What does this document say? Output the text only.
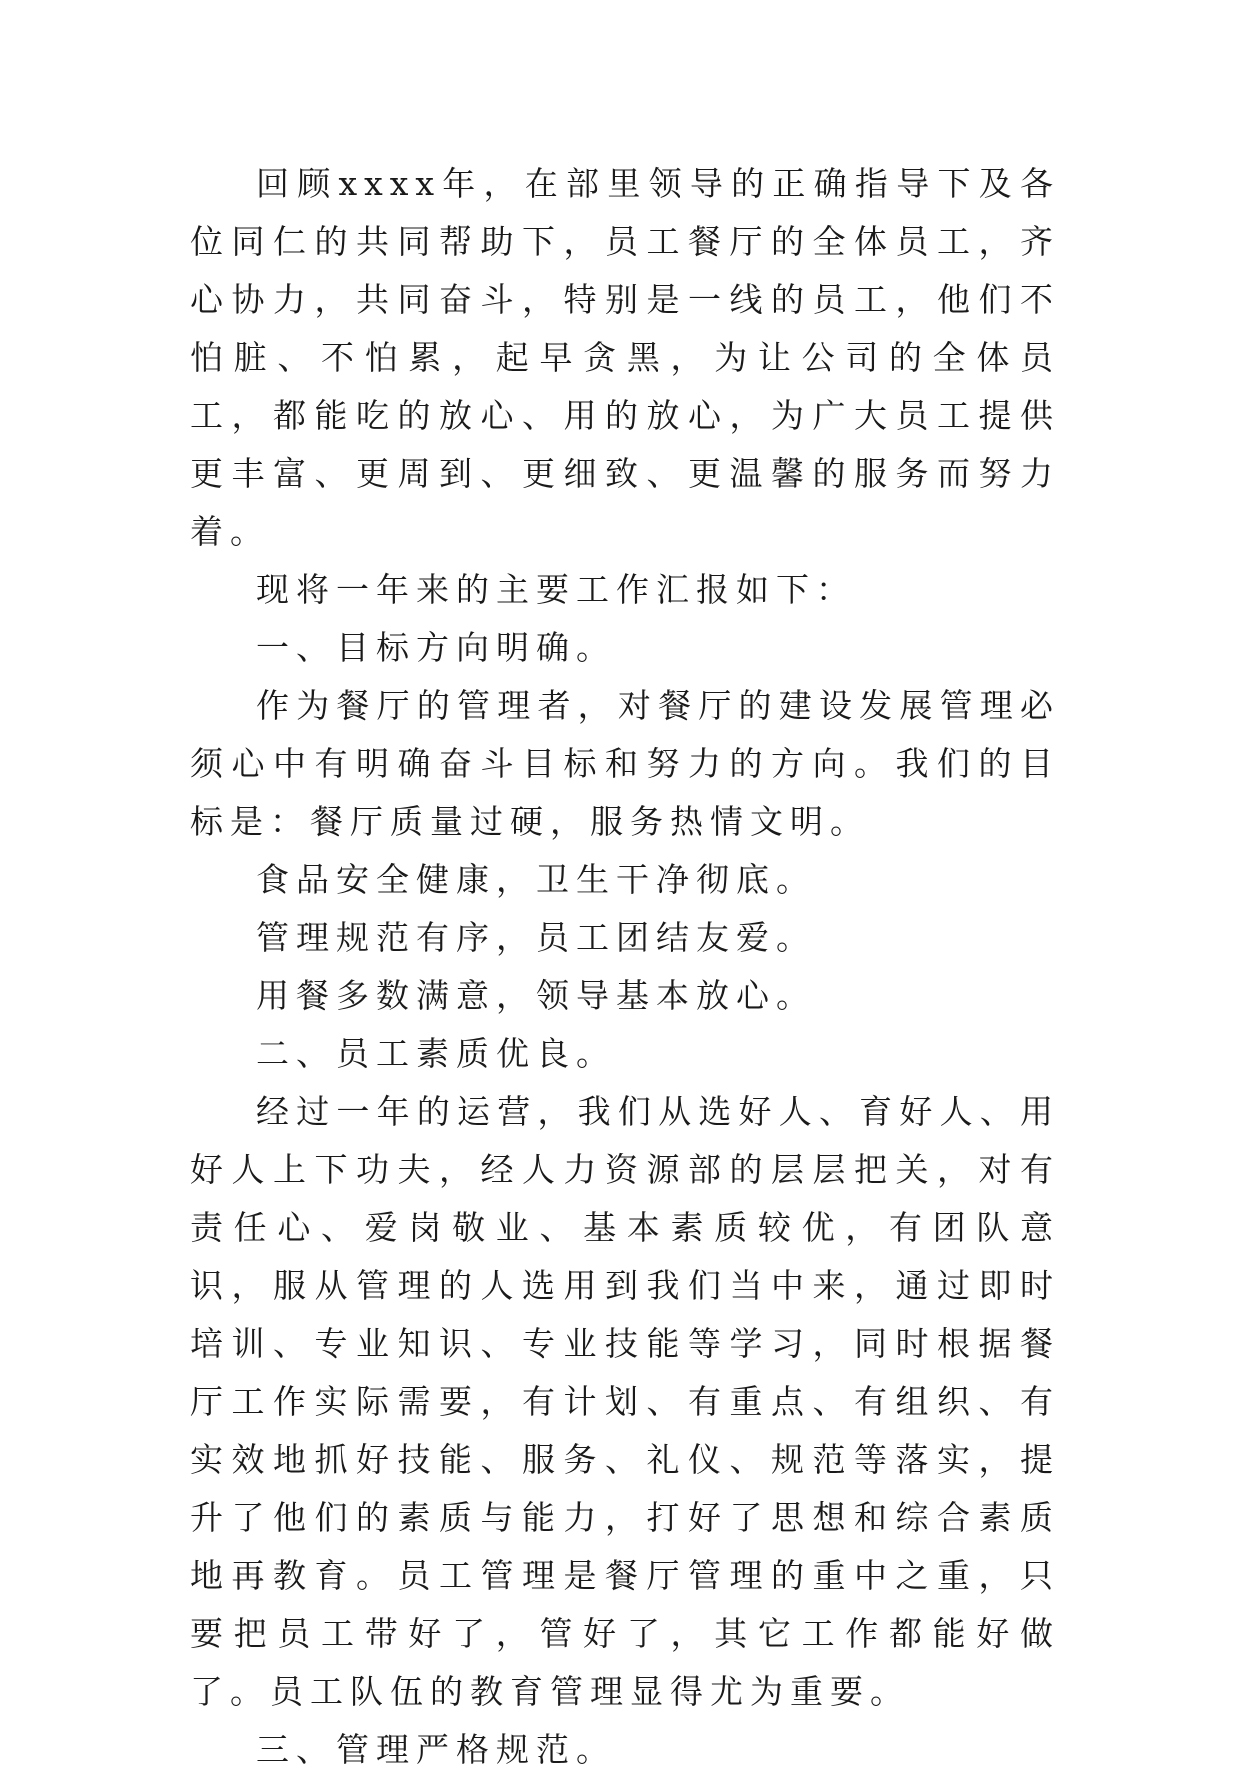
回顾xxxx年，在部里领导的正确指导下及各位同仁的共同帮助下，员工餐厅的全体员工，齐心协力，共同奋斗，特别是一线的员工，他们不怕脏、不怕累，起早贪黑，为让公司的全体员工，都能吃的放心、用的放心，为广大员工提供更丰富、更周到、更细致、更温馨的服务而努力着。

现将一年来的主要工作汇报如下：

一、目标方向明确。

作为餐厅的管理者，对餐厅的建设发展管理必须心中有明确奋斗目标和努力的方向。我们的目标是：餐厅质量过硬，服务热情文明。

食品安全健康，卫生干净彻底。

管理规范有序，员工团结友爱。

用餐多数满意，领导基本放心。

二、员工素质优良。

经过一年的运营，我们从选好人、育好人、用好人上下功夫，经人力资源部的层层把关，对有责任心、爱岗敬业、基本素质较优，有团队意识，服从管理的人选用到我们当中来，通过即时培训、专业知识、专业技能等学习，同时根据餐厅工作实际需要，有计划、有重点、有组织、有实效地抓好技能、服务、礼仪、规范等落实，提升了他们的素质与能力，打好了思想和综合素质地再教育。员工管理是餐厅管理的重中之重，只要把员工带好了，管好了，其它工作都能好做了。员工队伍的教育管理显得尤为重要。

三、管理严格规范。
